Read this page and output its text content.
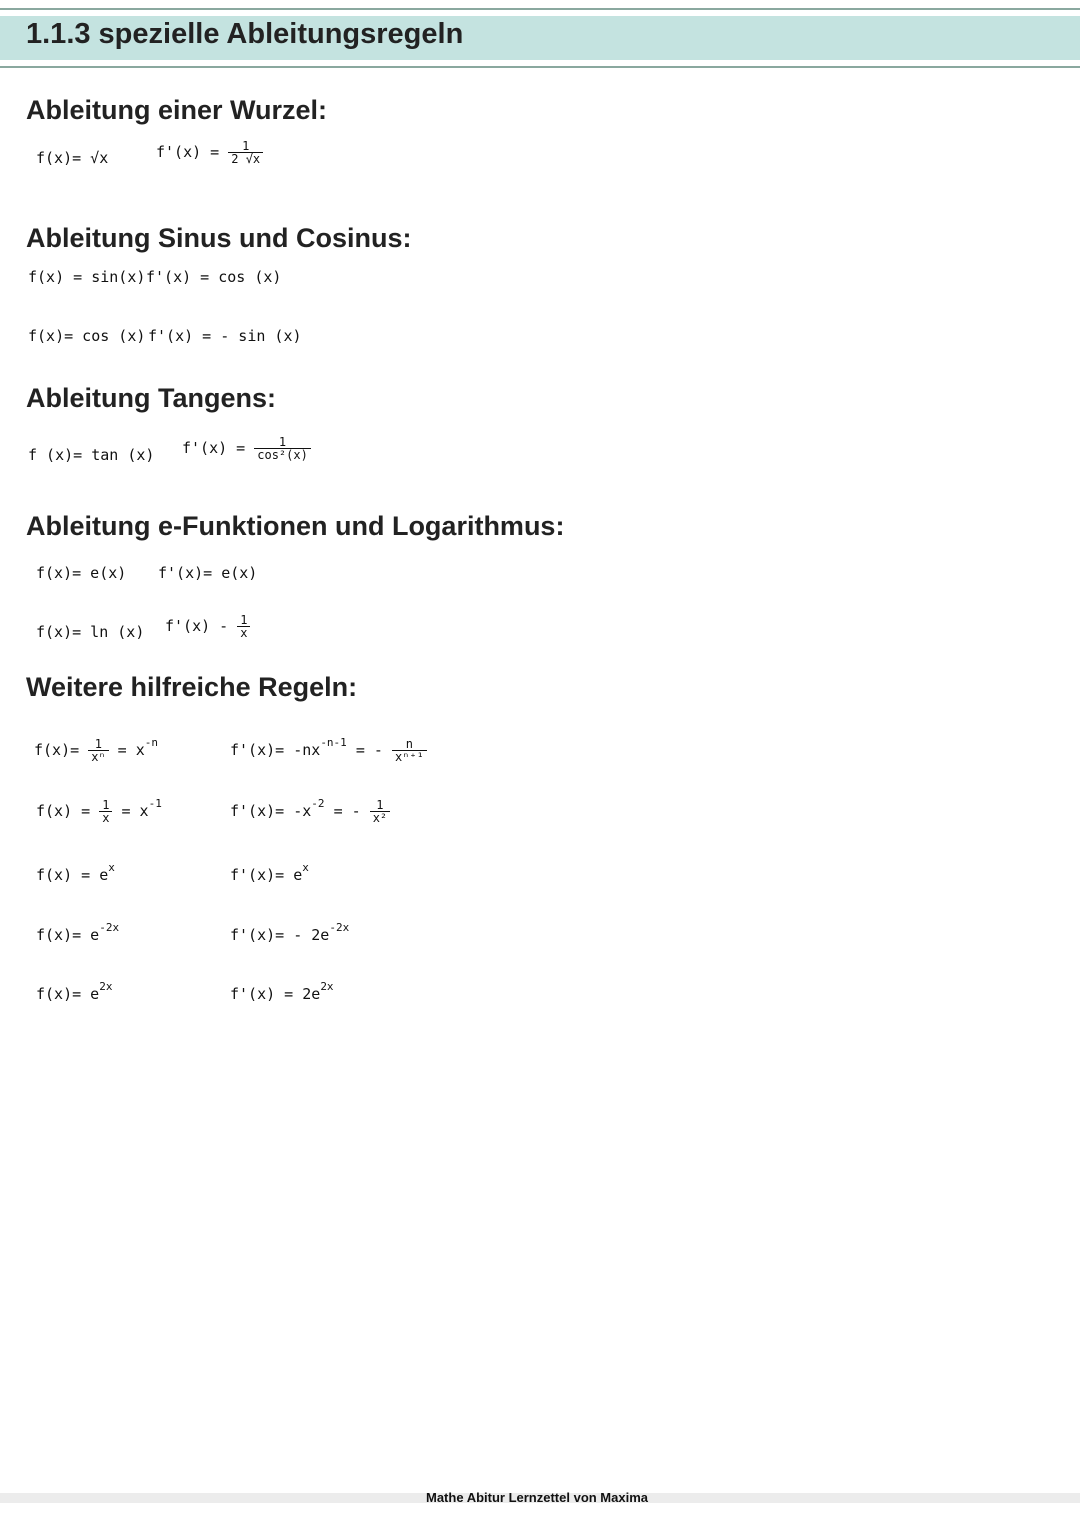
1.1.3 spezielle Ableitungsregeln
Ableitung einer Wurzel:
f(x)= √x	$f'(x) = \frac{1}{2 √x}$
Ableitung Sinus und Cosinus:
f(x) = sin(x) f'(x) = cos (x)
f(x)= cos (x) f'(x) = - sin (x)
Ableitung Tangens:
f (x)= tan (x) $f'(x) = \frac{1}{\text{cos²(x)}}$
Ableitung e-Funktionen und Logarithmus:
f(x)= e(x) f'(x)= e(x)
f(x)= ln (x) $f'(x) - \frac{1}{x}$
Weitere hilfreiche Regeln:
$f(x)= \frac{1}{\text{xⁿ}} = x^{-n}$	$f'(x)= -nx^{-n-1}$ = - $\frac{n}{\text{xⁿ⁺¹}}$
$f(x) = \frac{1}{x} = x^{-1}$	$f'(x)= -x^{-2}$ = - $\frac{1}{\text{x²}}$
$f(x) = e^x$	$f'(x)= e^x$
$f(x)= e^{-2x}$	$f'(x)= - 2e^{-2x}$
$f(x)= e^{2x}$	$f'(x) = 2e^{2x}$
Mathe Abitur Lernzettel von Maxima
